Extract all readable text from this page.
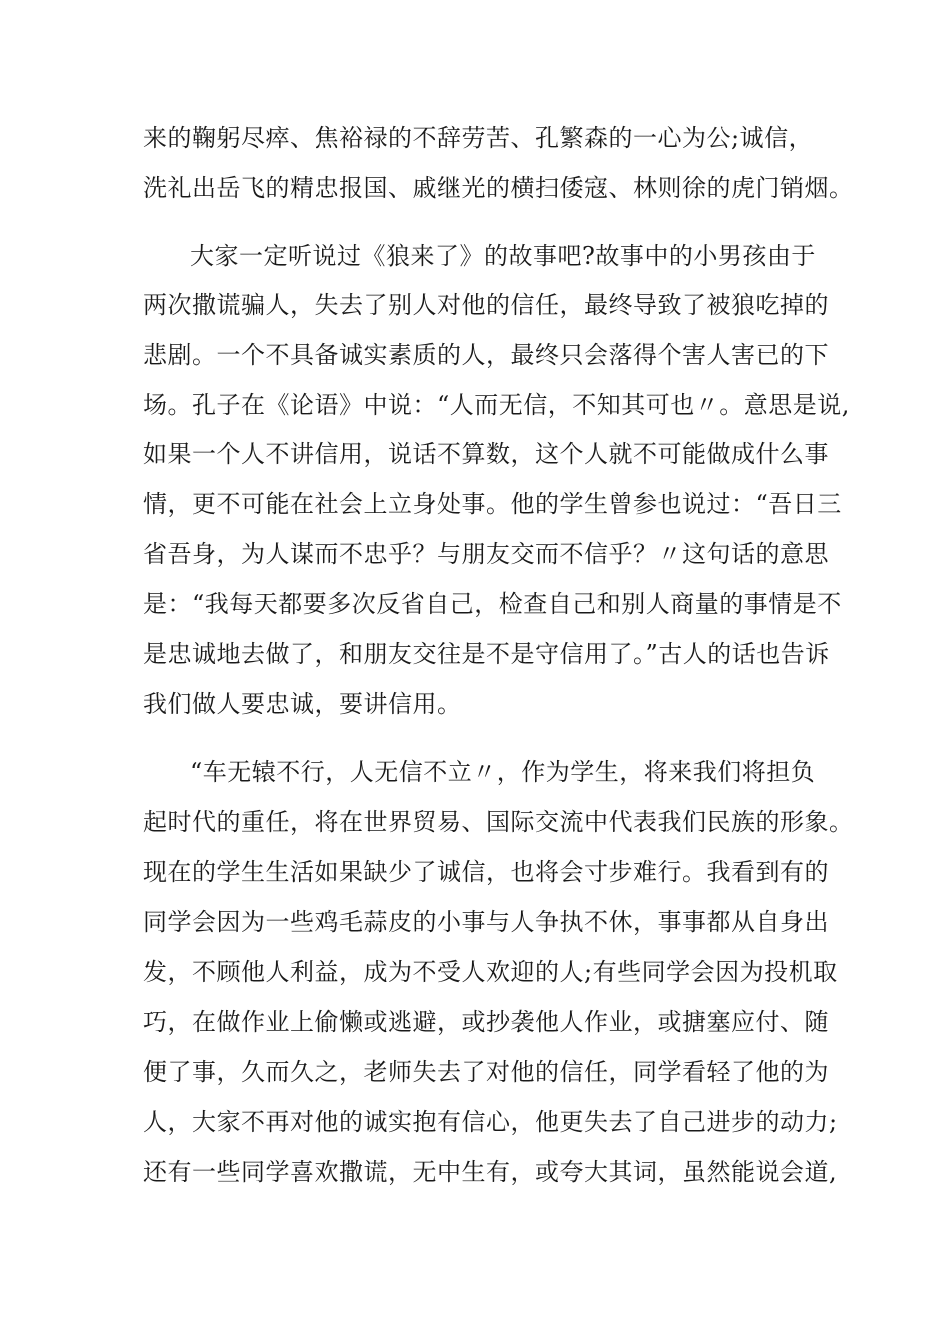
来的鞠躬尽瘁、焦裕禄的不辞劳苦、孔繁森的一心为公;诚信，
洗礼出岳飞的精忠报国、戚继光的横扫倭寇、林则徐的虎门销烟。
大家一定听说过《狼来了》的故事吧?故事中的小男孩由于
两次撒谎骗人，失去了别人对他的信任，最终导致了被狼吃掉的
悲剧。一个不具备诚实素质的人，最终只会落得个害人害已的下
场。孔子在《论语》中说：“人而无信，不知其可也〃。意思是说,
如果一个人不讲信用，说话不算数，这个人就不可能做成什么事
情，更不可能在社会上立身处事。他的学生曾参也说过：“吾日三
省吾身，为人谋而不忠乎？与朋友交而不信乎？〃这句话的意思
是：“我每天都要多次反省自己，检查自己和别人商量的事情是不
是忠诚地去做了，和朋友交往是不是守信用了。”古人的话也告诉
我们做人要忠诚，要讲信用。
“车无辕不行，人无信不立〃，作为学生，将来我们将担负
起时代的重任，将在世界贸易、国际交流中代表我们民族的形象。
现在的学生生活如果缺少了诚信，也将会寸步难行。我看到有的
同学会因为一些鸡毛蒜皮的小事与人争执不休，事事都从自身出
发，不顾他人利益，成为不受人欢迎的人;有些同学会因为投机取
巧，在做作业上偷懒或逃避，或抄袭他人作业，或搪塞应付、随
便了事，久而久之，老师失去了对他的信任，同学看轻了他的为
人，大家不再对他的诚实抱有信心，他更失去了自己进步的动力;
还有一些同学喜欢撒谎，无中生有，或夸大其词，虽然能说会道,
